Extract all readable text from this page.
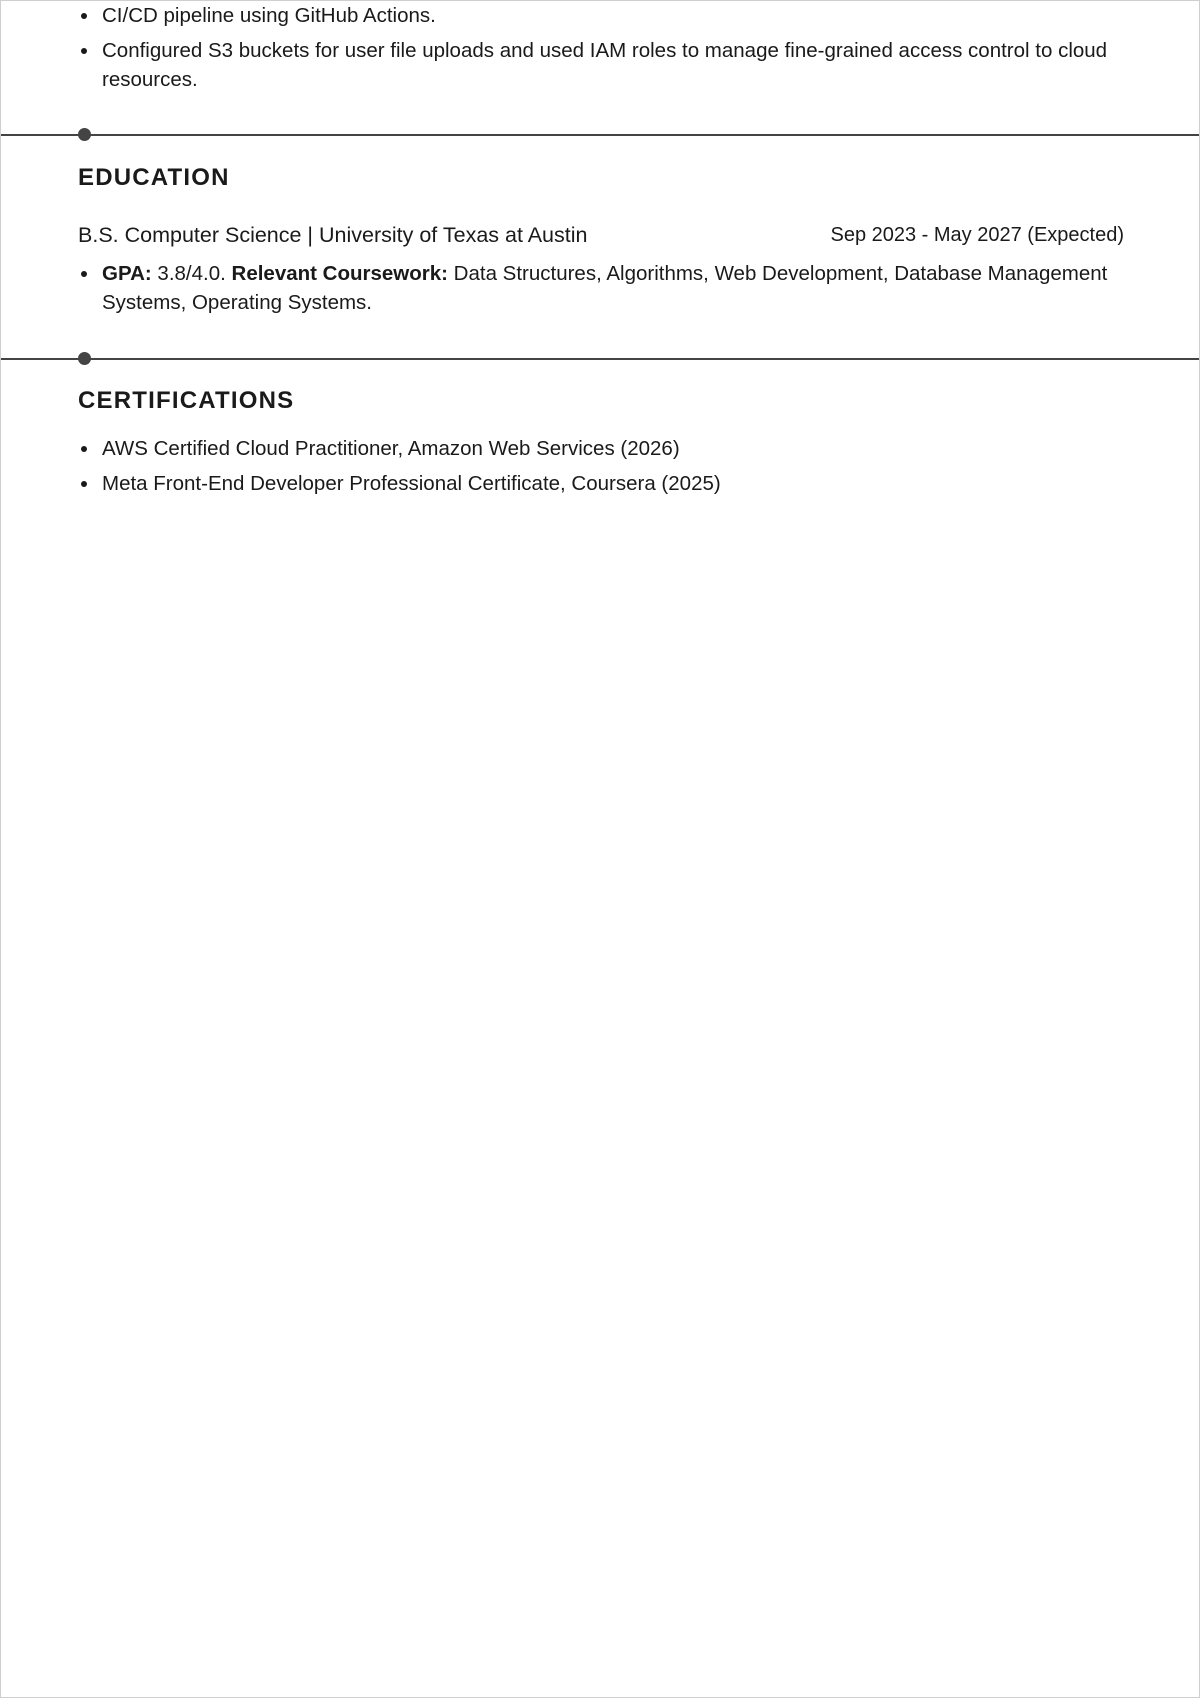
CI/CD pipeline using GitHub Actions.
Configured S3 buckets for user file uploads and used IAM roles to manage fine-grained access control to cloud resources.
EDUCATION
B.S. Computer Science | University of Texas at Austin	Sep 2023 - May 2027 (Expected)
GPA: 3.8/4.0. Relevant Coursework: Data Structures, Algorithms, Web Development, Database Management Systems, Operating Systems.
CERTIFICATIONS
AWS Certified Cloud Practitioner, Amazon Web Services (2026)
Meta Front-End Developer Professional Certificate, Coursera (2025)
